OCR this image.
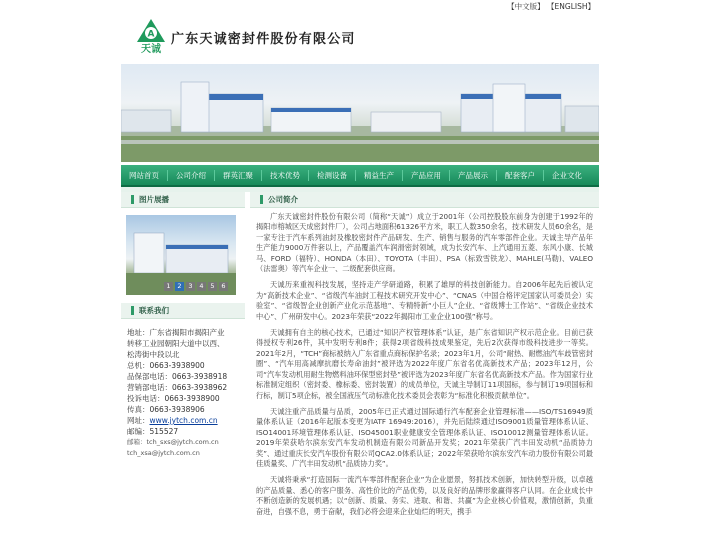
【中文版】 【ENGLISH】
A
天诚
广东天诚密封件股份有限公司
网站首页	公司介绍	群英汇聚	技术优势	检测设备	精益生产	产品应用	产品展示	配套客户	企业文化
图片展播
1	2	3	4	5	6
联系我们
地址：广东省揭阳市揭阳产业
转移工业园朝阳大道中以西、
松涛街中段以北
总机：0663-3938900
品保部电话：0663-3938918
营销部电话：0663-3938962
投诉电话：0663-3938900
传真：0663-3938906
网址：www.jytch.com.cn
邮编：515527
邮箱：tch_sxs@jytch.com.cn
tch_xsa@jytch.com.cn
公司简介

广东天诚密封件股份有限公司（简称“天诚”）成立于2001年（公司控股股东前身为创建于1992年的揭阳市榕城区天成密封件厂），公司占地面积61326平方米，职工人数350余名，技术研发人员60余名，是一家专注于汽车系列油封及橡胶密封件产品研发、生产、销售与服务的汽车零部件企业。天诚主导产品年生产能力9000万件套以上，产品覆盖汽车润滑密封领域，成为长安汽车、上汽通用五菱、东风小康、长城马、FORD（福特）、HONDA（本田）、TOYOTA（丰田）、PSA（标致雪铁龙）、MAHLE(马勒)、VALEO（法雷奥）等汽车企业一、二级配套供应商。

天诚历来重视科技发展，坚持走产学研道路，积累了雄厚的科技创新能力。自2006年起先后被认定为“高新技术企业”、“省级汽车油封工程技术研究开发中心”、“CNAS（中国合格评定国家认可委员会）实验室”、“省级智企业创新产业化示范基地”、专精特新“小巨人”企业、“省级博士工作站”、“省级企业技术中心”、广州研发中心。2023年荣获“2022年揭阳市工业企业100强”称号。

天诚拥有自主的核心技术，已通过“知识产权管理体系”认证，是广东省知识产权示范企业。目前已获得授权专利26件，其中发明专利8件；获得2项省级科技成果鉴定，先后2次获得市级科技进步一等奖。2021年2月，“TCH”商标被纳入广东省重点商标保护名录；2023年1月，公司“耐热、耐燃油汽车歧管密封圈”、“汽车用高减摩抗磨长寿命油封”被评选为2022年度广东省名优高新技术产品；2023年12月，公司“汽车发动机用耐生物燃料油环保型密封垫”被评选为2023年度广东省名优高新技术产品。作为国家行业标准制定组织（密封委、橡标委、密封装置）的成员单位，天诚主导制订11项国标，参与制订19项国标和行标，制订5项企标，被全国液压气动标准化技术委员会表彰为“标准化积极贡献单位”。

天诚注重产品质量与品质，2005年已正式通过国际通行汽车配套企业管理标准——ISO/TS16949质量体系认证（2016年起版本变更为IATF 16949:2016），并先后陆续通过ISO9001质量管理体系认证、ISO14001环境管理体系认证、ISO45001职业健康安全管理体系认证、ISO10012测量管理体系认证。2019年荣获哈尔滨东安汽车发动机制造有限公司新品开发奖；2021年荣获广汽丰田发动机“品质协力奖”、通过重庆长安汽车股份有限公司QCA2.0体系认证；2022年荣获哈尔滨东安汽车动力股份有限公司最佳质量奖、广汽丰田发动机“品质协力奖”。

天诚将秉承“打造国际一流汽车零部件配套企业”为企业愿景，努抓技术创新，加快转型升级，以卓越的产品质量、悉心的客户服务、高性价比的产品优势，以及良好的品牌形象赢得客户认同。在企业成长中不断创造新的发展机遇；以“创新、质量、务实、进取、和谐、共赢”为企业核心价值观，激情创新，负重奋进，自强不息，勇于奋献，我们必将会迎来企业灿烂的明天，携手
